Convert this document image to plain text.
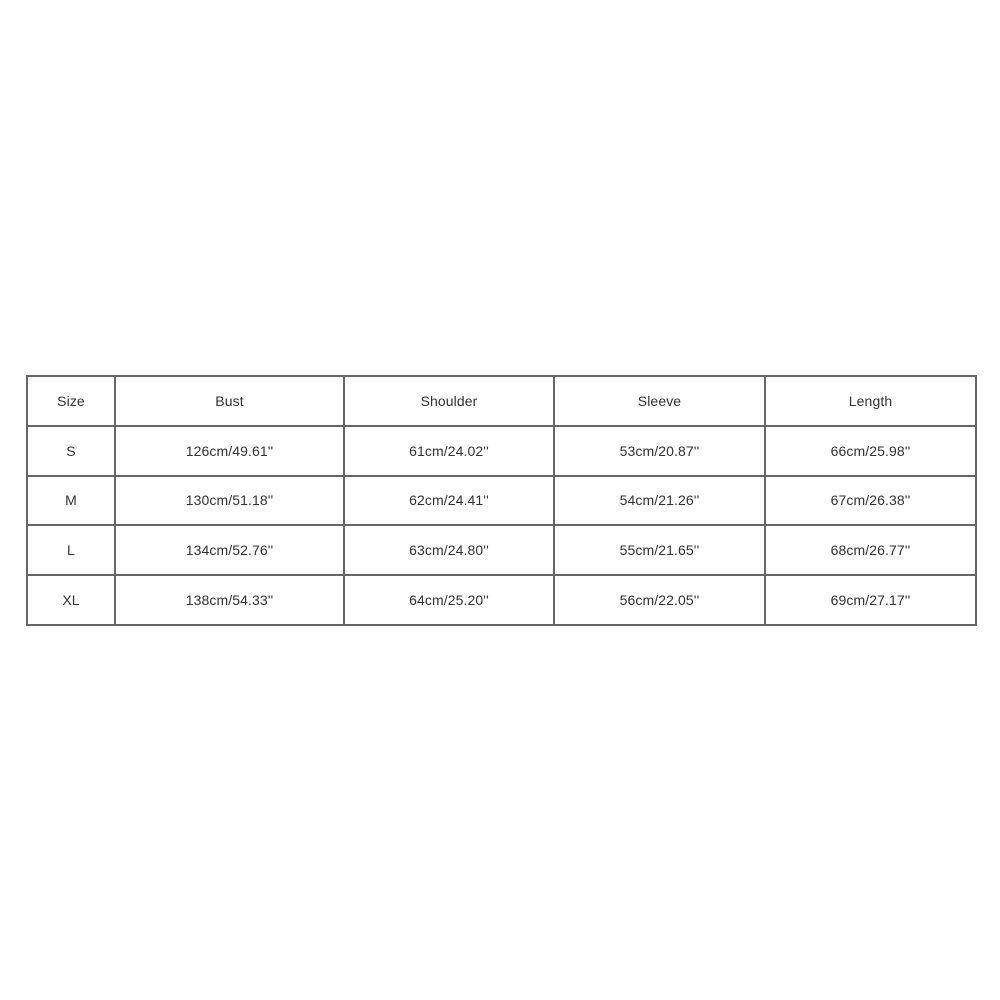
Size	Bust	Shoulder	Sleeve	Length
S	126cm/49.61''	61cm/24.02''	53cm/20.87''	66cm/25.98''
M	130cm/51.18''	62cm/24.41''	54cm/21.26''	67cm/26.38''
L	134cm/52.76''	63cm/24.80''	55cm/21.65''	68cm/26.77''
XL	138cm/54.33''	64cm/25.20''	56cm/22.05''	69cm/27.17''
